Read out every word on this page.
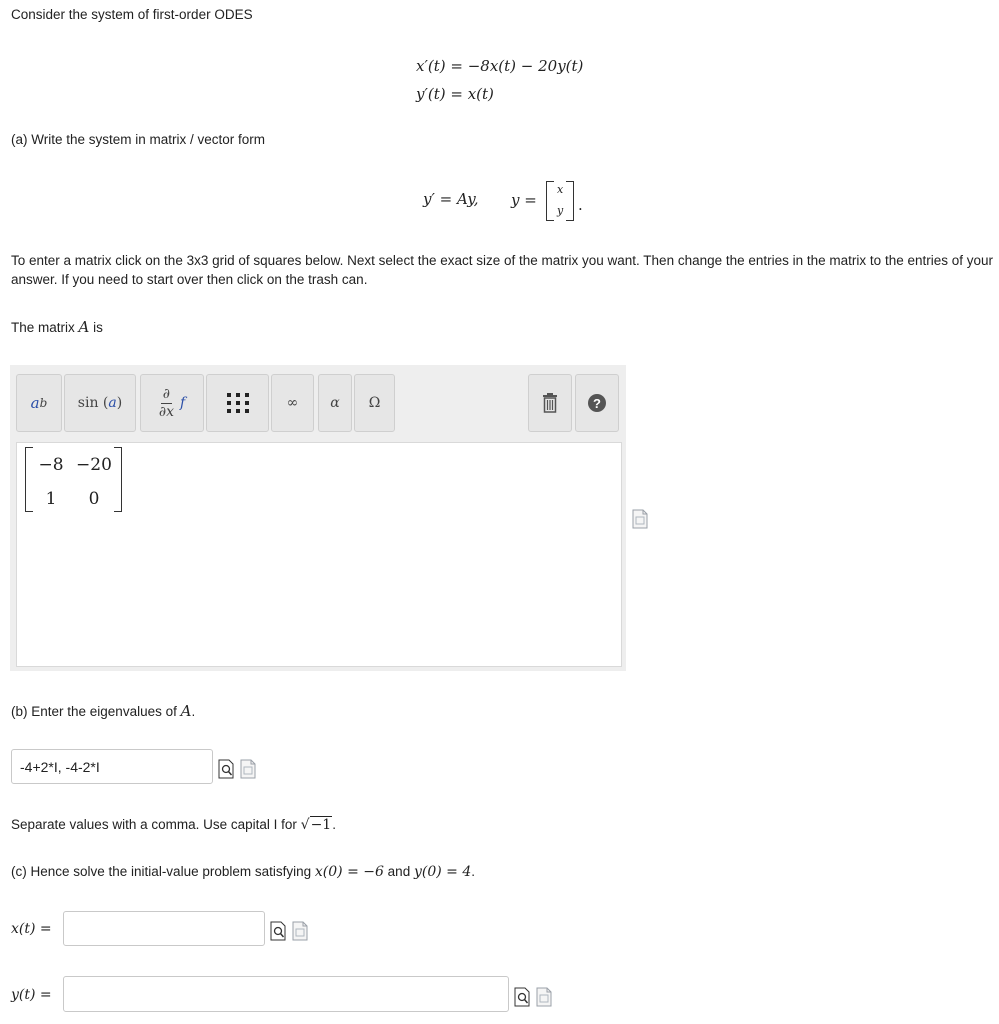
Consider the system of first-order ODES
x′(t) = −8x(t) − 20y(t)
y′(t) = x(t)
(a) Write the system in matrix / vector form
y′ = Ay, y =
x
y .
To enter a matrix click on the 3x3 grid of squares below. Next select the exact size of the matrix you want. Then change the entries in the matrix to the entries of your answer. If you need to start over then click on the trash can.
The matrix A is
a b sin ( a )
∂
∂x
f	∞ α Ω	?
−8 −20
1	0
(b) Enter the eigenvalues of A.
-4+2*I, -4-2*I
Separate values with a comma. Use capital I for √−1.
(c) Hence solve the initial-value problem satisfying x(0) = −6 and y(0) = 4.
x(t) =
y(t) =
